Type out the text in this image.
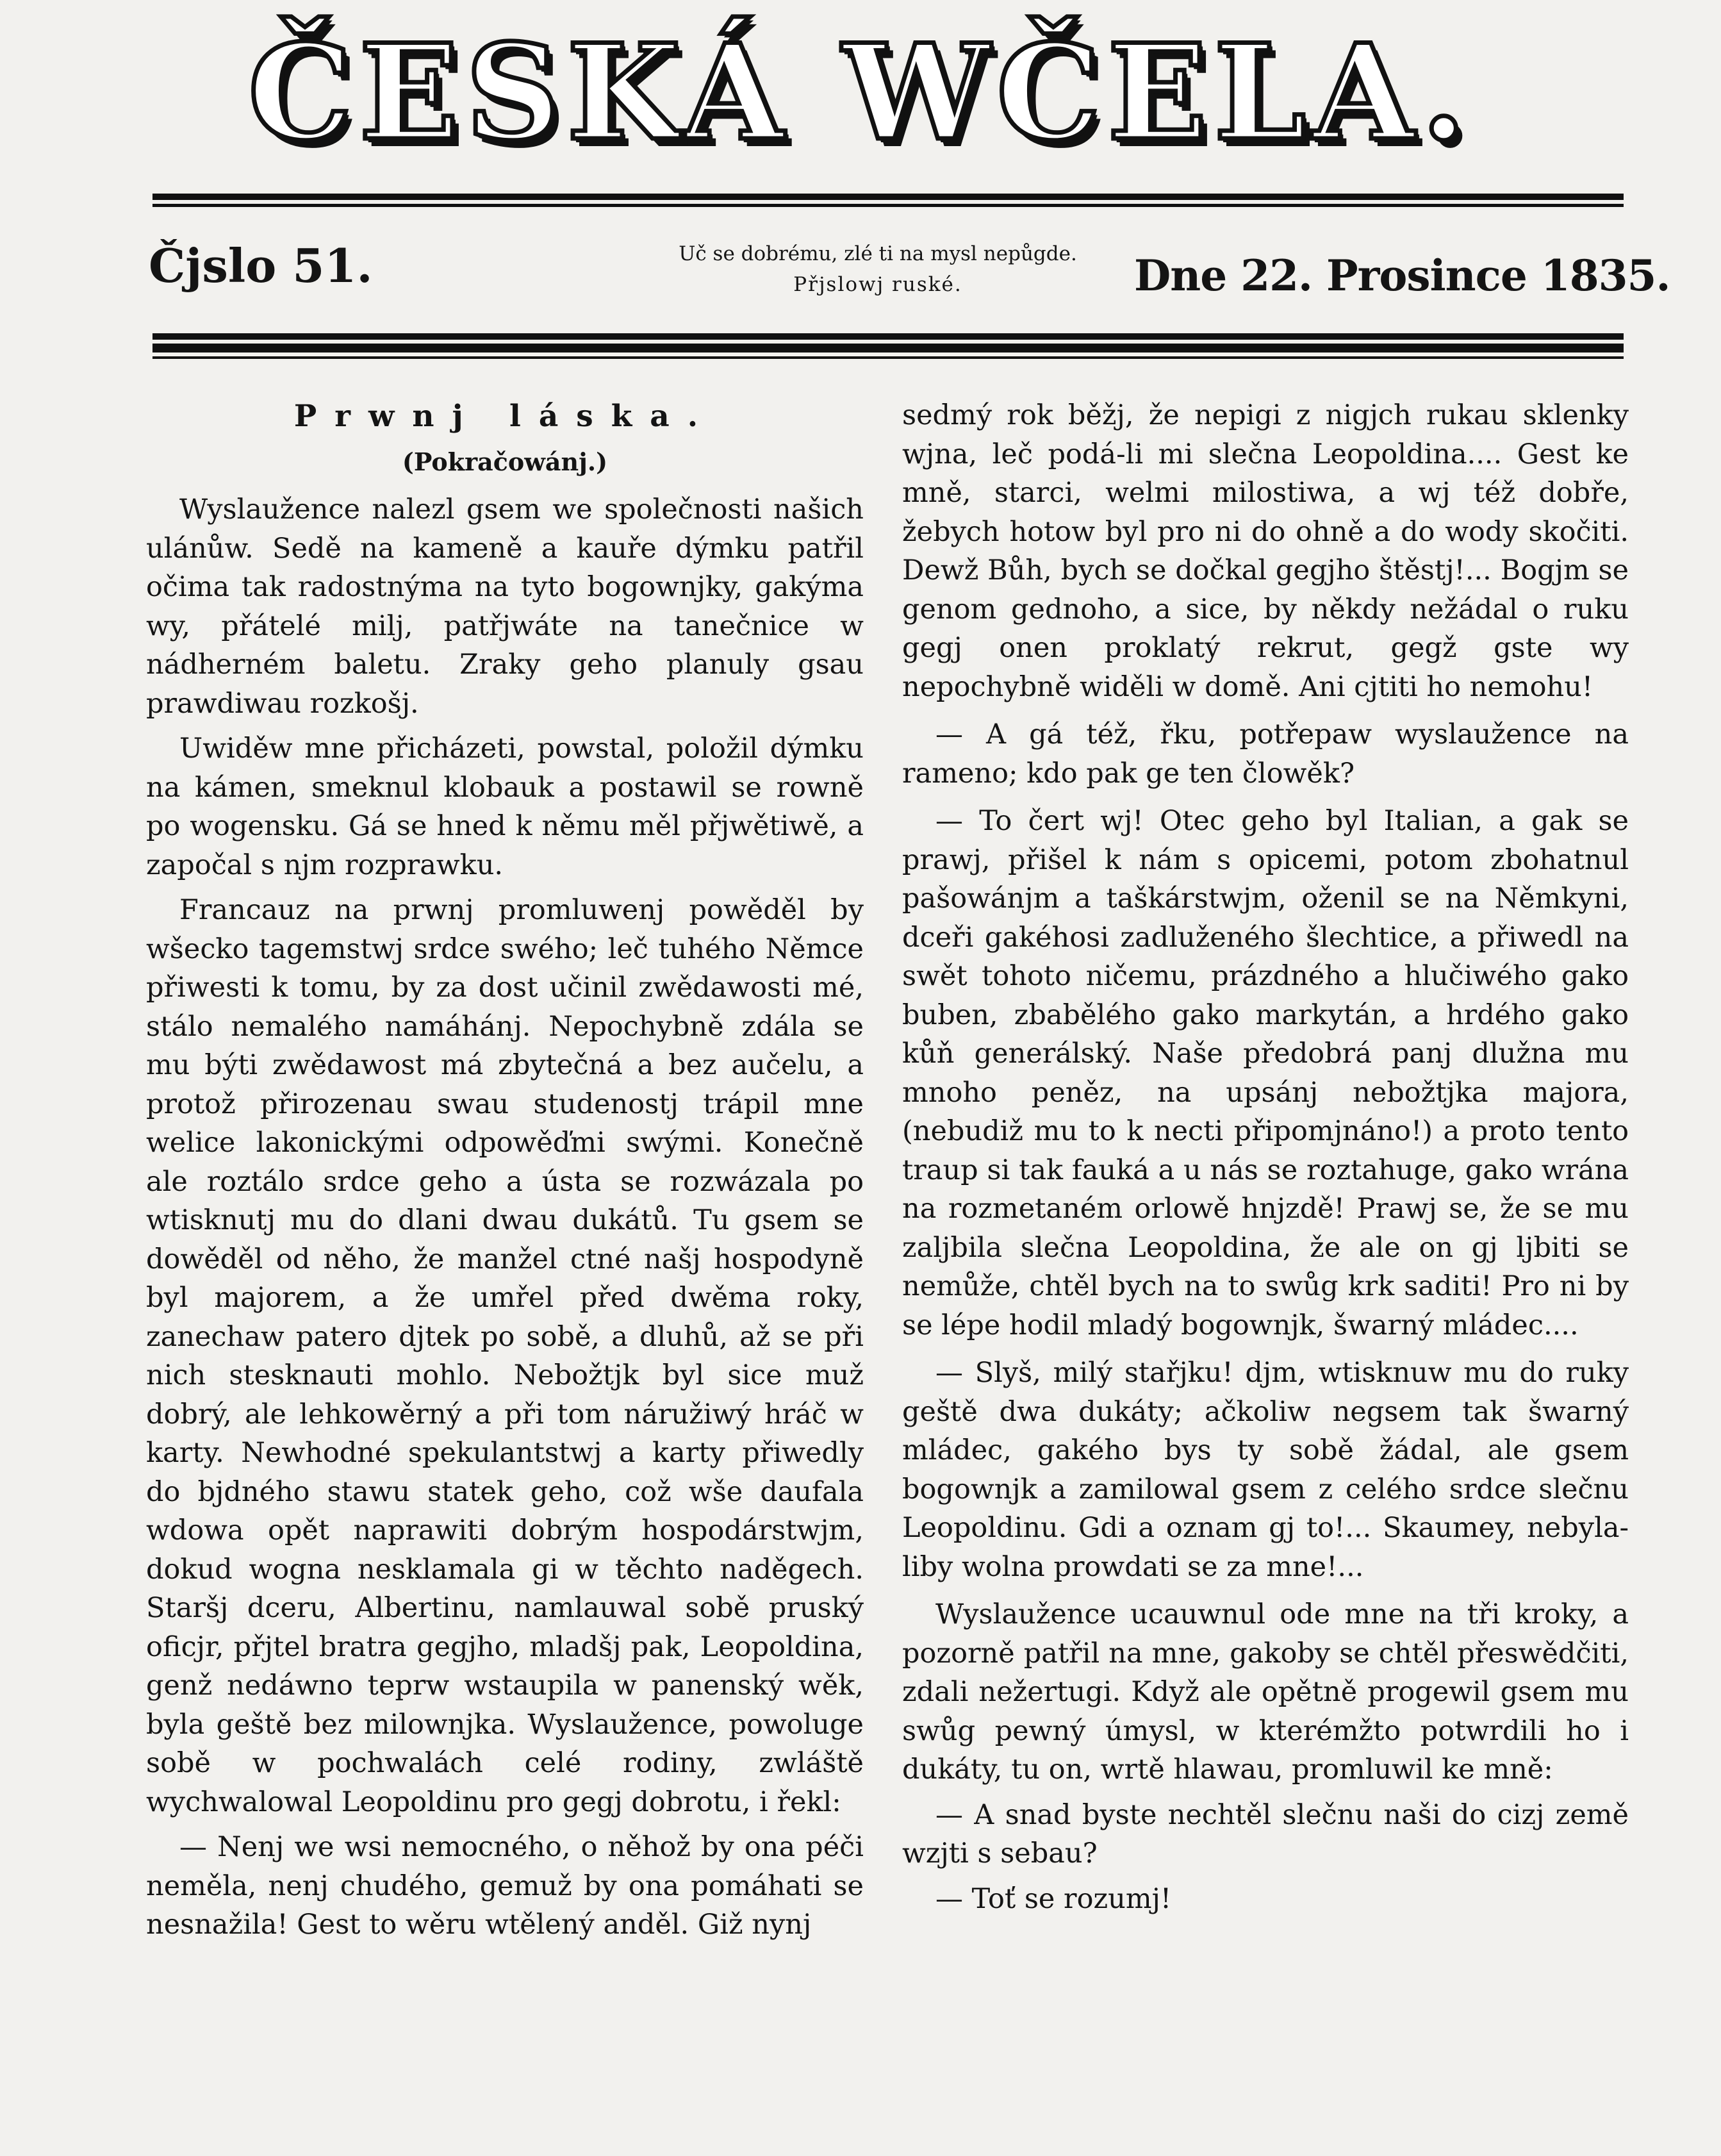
ČESKÁ WČELA.
Čjslo 51.	Uč se dobrému, zlé ti na mysl nepůgde.
Přjslowj ruské.	Dne 22. Prosince 1835.
Prwnj láska.
(Pokračowánj.)

Wyslaužence nalezl gsem we společnosti našich ulánůw. Sedě na kameně a kauře dýmku patřil očima tak radostnýma na tyto bogownjky, gakýma wy, přátelé milj, patřjwáte na tanečnice w nádherném baletu. Zraky geho planuly gsau prawdiwau rozkošj.

Uwiděw mne přicházeti, powstal, položil dýmku na kámen, smeknul klobauk a postawil se rowně po wogensku. Gá se hned k němu měl přjwětiwě, a započal s njm rozprawku.

Francauz na prwnj promluwenj powěděl by wšecko tagemstwj srdce swého; leč tuhého Němce přiwesti k tomu, by za dost učinil zwědawosti mé, stálo nemalého namáhánj. Nepochybně zdála se mu býti zwědawost má zbytečná a bez aučelu, a protož přirozenau swau studenostj trápil mne welice lakonickými odpowěďmi swými. Konečně ale roztálo srdce geho a ústa se rozwázala po wtisknutj mu do dlani dwau dukátů. Tu gsem se dowěděl od něho, že manžel ctné našj hospodyně byl majorem, a že umřel před dwěma roky, zanechaw patero djtek po sobě, a dluhů, až se při nich stesknauti mohlo. Nebožtjk byl sice muž dobrý, ale lehkowěrný a při tom náružiwý hráč w karty. Newhodné spekulantstwj a karty přiwedly do bjdného stawu statek geho, což wše daufala wdowa opět naprawiti dobrým hospodárstwjm, dokud wogna nesklamala gi w těchto naděgech. Staršj dceru, Albertinu, namlauwal sobě pruský oficjr, přjtel bratra gegjho, mladšj pak, Leopoldina, genž nedáwno teprw wstaupila w panenský wěk, byla geště bez milownjka. Wyslaužence, powoluge sobě w pochwalách celé rodiny, zwláště wychwalowal Leopoldinu pro gegj dobrotu, i řekl:

— Nenj we wsi nemocného, o něhož by ona péči neměla, nenj chudého, gemuž by ona pomáhati se nesnažila! Gest to wěru wtělený anděl. Giž nynj

sedmý rok běžj, že nepigi z nigjch rukau sklenky wjna, leč podá-li mi slečna Leopoldina.... Gest ke mně, starci, welmi milostiwa, a wj též dobře, žebych hotow byl pro ni do ohně a do wody skočiti. Dewž Bůh, bych se dočkal gegjho štěstj!... Bogjm se genom gednoho, a sice, by někdy nežádal o ruku gegj onen proklatý rekrut, gegž gste wy nepochybně widěli w domě. Ani cjtiti ho nemohu!

— A gá též, řku, potřepaw wyslaužence na rameno; kdo pak ge ten člowěk?

— To čert wj! Otec geho byl Italian, a gak se prawj, přišel k nám s opicemi, potom zbohatnul pašowánjm a taškárstwjm, oženil se na Němkyni, dceři gakéhosi zadluženého šlechtice, a přiwedl na swět tohoto ničemu, prázdného a hlučiwého gako buben, zbabělého gako markytán, a hrdého gako kůň generálský. Naše předobrá panj dlužna mu mnoho peněz, na upsánj nebožtjka majora, (nebudiž mu to k necti připomjnáno!) a proto tento traup si tak fauká a u nás se roztahuge, gako wrána na rozmetaném orlowě hnjzdě! Prawj se, že se mu zaljbila slečna Leopoldina, že ale on gj ljbiti se nemůže, chtěl bych na to swůg krk saditi! Pro ni by se lépe hodil mladý bogownjk, šwarný mládec....

— Slyš, milý stařjku! djm, wtisknuw mu do ruky geště dwa dukáty; ačkoliw negsem tak šwarný mládec, gakého bys ty sobě žádal, ale gsem bogownjk a zamilowal gsem z celého srdce slečnu Leopoldinu. Gdi a oznam gj to!... Skaumey, nebyla-liby wolna prowdati se za mne!...

Wyslaužence ucauwnul ode mne na tři kroky, a pozorně patřil na mne, gakoby se chtěl přeswědčiti, zdali nežertugi. Když ale opětně progewil gsem mu swůg pewný úmysl, w kterémžto potwrdili ho i dukáty, tu on, wrtě hlawau, promluwil ke mně:

— A snad byste nechtěl slečnu naši do cizj země wzjti s sebau?

— Toť se rozumj!
